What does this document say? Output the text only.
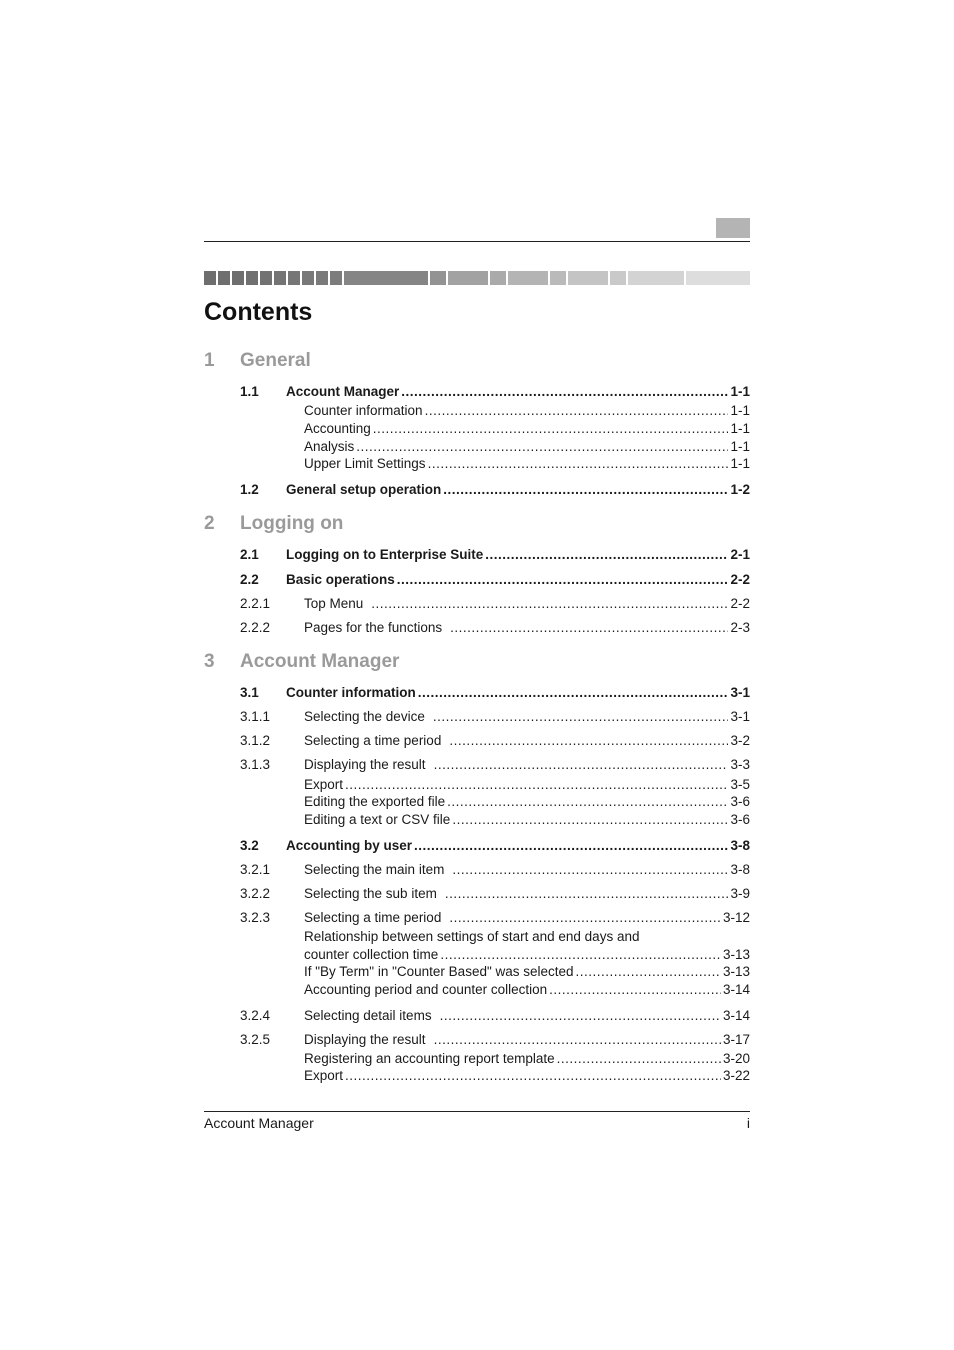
Contents
1 General
2 Logging on
3 Account Manager
1.1 Account Manager .....	1-1
Counter information .....	1-1
Accounting .....	1-1
Analysis .....	1-1
Upper Limit Settings .....	1-1
1.2 General setup operation .....	1-2
2.1 Logging on to Enterprise Suite .....	2-1
2.2 Basic operations .....	2-2
2.2.1	Top Menu .....	2-2
2.2.2	Pages for the functions .....	2-3
3.1 Counter information .....	3-1
3.1.1	Selecting the device .....	3-1
3.1.2	Selecting a time period .....	3-2
3.1.3	Displaying the result .....	3-3
Export .....	3-5
Editing the exported file .....	3-6
Editing a text or CSV file .....	3-6
3.2 Accounting by user .....	3-8
3.2.1	Selecting the main item .....	3-8
3.2.2	Selecting the sub item .....	3-9
3.2.3	Selecting a time period .....	3-12
Relationship between settings of start and end days and
counter collection time .....	3-13
If "By Term" in "Counter Based" was selected .....	3-13
Accounting period and counter collection .....	3-14
3.2.4	Selecting detail items .....	3-14
3.2.5	Displaying the result .....	3-17
Registering an accounting report template .....	3-20
Export .....	3-22
Account Manager	i
